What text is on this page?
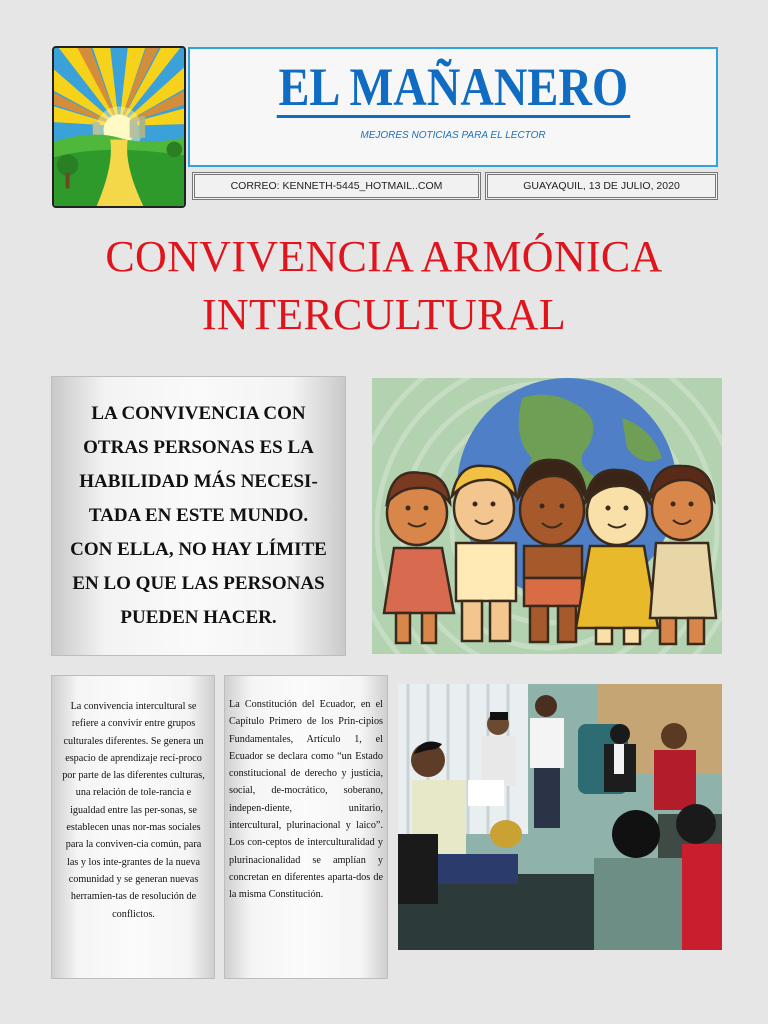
EL MAÑANERO
MEJORES NOTICIAS PARA EL LECTOR
CORREO: KENNETH-5445_HOTMAIL..COM	GUAYAQUIL, 13 DE JULIO, 2020
CONVIVENCIA ARMÓNICA
INTERCULTURAL
LA CONVIVENCIA CON
OTRAS PERSONAS ES LA
HABILIDAD MÁS NECESI-
TADA EN ESTE MUNDO.
CON ELLA, NO HAY LÍMITE
EN LO QUE LAS PERSONAS
PUEDEN HACER.
La convivencia intercultural se refiere a convivir entre grupos culturales diferentes. Se genera un espacio de aprendizaje recí-proco por parte de las diferentes culturas, una relación de tole-rancia e igualdad entre las per-sonas, se establecen unas nor-mas sociales para la conviven-cia común, para las y los inte-grantes de la nueva comunidad y se generan nuevas herramien-tas de resolución de conflictos.
La Constitución del Ecuador, en el Capítulo Primero de los Prin-cipios Fundamentales, Artículo 1, el Ecuador se declara como “un Estado constitucional de derecho y justicia, social, de-mocrático, soberano, indepen-diente, unitario, intercultural, plurinacional y laico”. Los con-ceptos de interculturalidad y plurinacionalidad se amplían y concretan en diferentes aparta-dos de la misma Constitución.
